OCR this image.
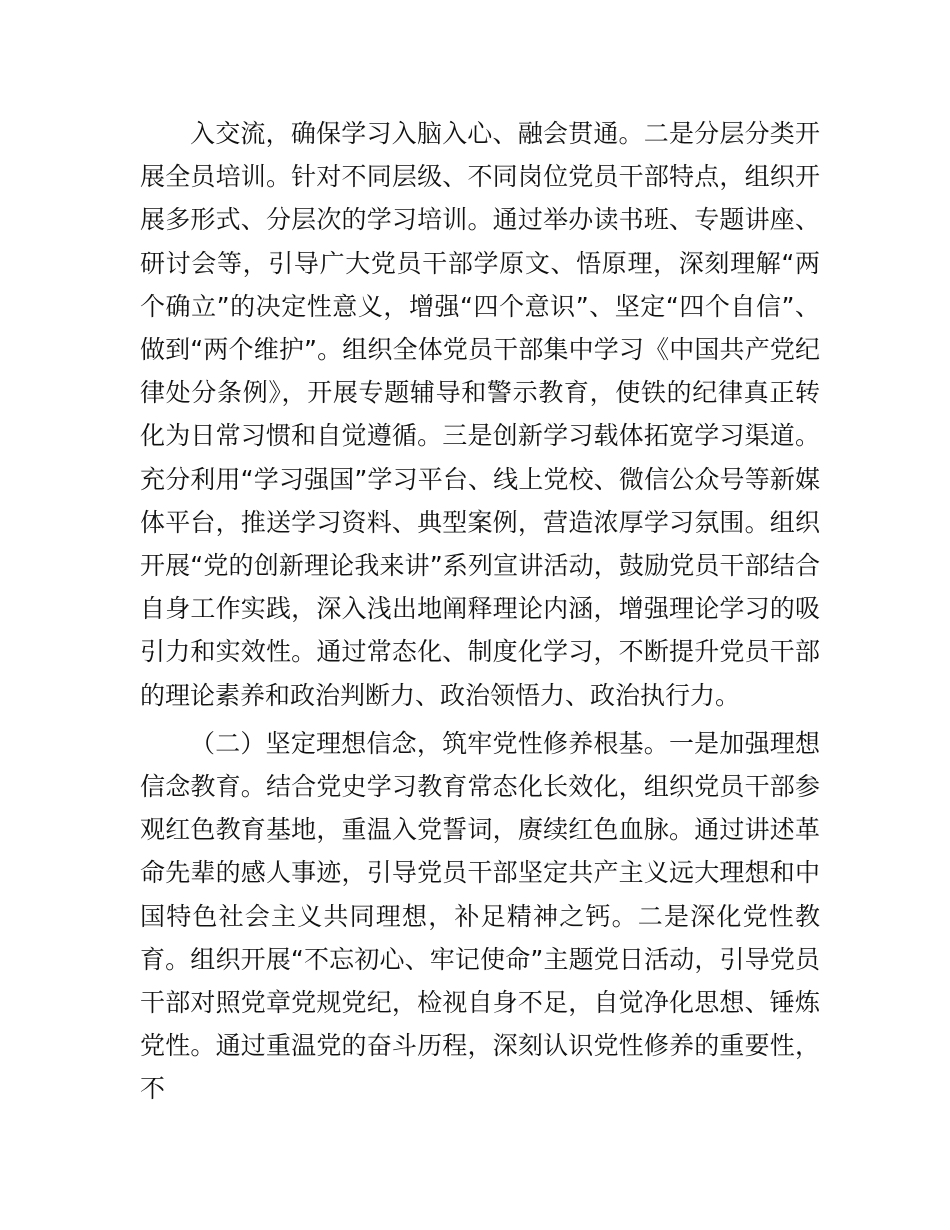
入交流，确保学习入脑入心、融会贯通。二是分层分类开展全员培训。针对不同层级、不同岗位党员干部特点，组织开展多形式、分层次的学习培训。通过举办读书班、专题讲座、研讨会等，引导广大党员干部学原文、悟原理，深刻理解“两个确立”的决定性意义，增强“四个意识”、坚定“四个自信”、做到“两个维护”。组织全体党员干部集中学习《中国共产党纪律处分条例》，开展专题辅导和警示教育，使铁的纪律真正转化为日常习惯和自觉遵循。三是创新学习载体拓宽学习渠道。充分利用“学习强国”学习平台、线上党校、微信公众号等新媒体平台，推送学习资料、典型案例，营造浓厚学习氛围。组织开展“党的创新理论我来讲”系列宣讲活动，鼓励党员干部结合自身工作实践，深入浅出地阐释理论内涵，增强理论学习的吸引力和实效性。通过常态化、制度化学习，不断提升党员干部的理论素养和政治判断力、政治领悟力、政治执行力。

（二）坚定理想信念，筑牢党性修养根基。一是加强理想信念教育。结合党史学习教育常态化长效化，组织党员干部参观红色教育基地，重温入党誓词，赓续红色血脉。通过讲述革命先辈的感人事迹，引导党员干部坚定共产主义远大理想和中国特色社会主义共同理想，补足精神之钙。二是深化党性教育。组织开展“不忘初心、牢记使命”主题党日活动，引导党员干部对照党章党规党纪，检视自身不足，自觉净化思想、锤炼党性。通过重温党的奋斗历程，深刻认识党性修养的重要性，不
